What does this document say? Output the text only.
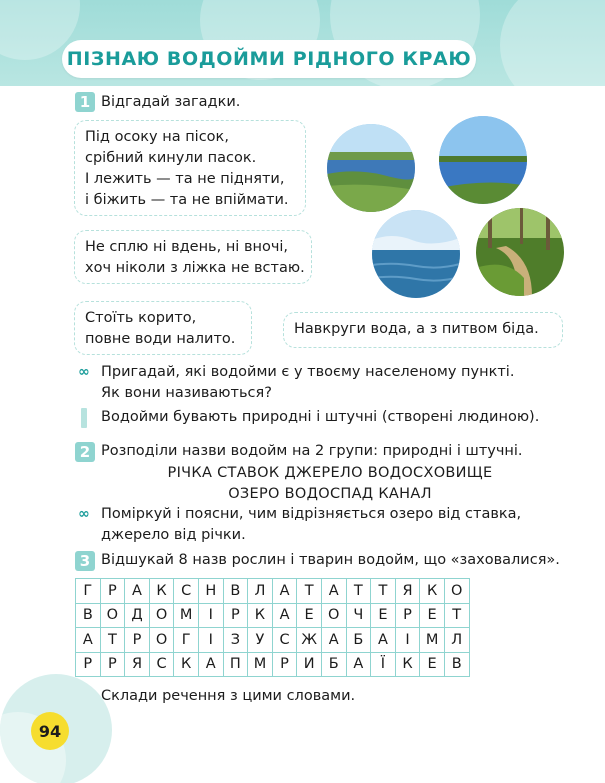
ПІЗНАЮ ВОДОЙМИ РІДНОГО КРАЮ
1 Відгадай загадки.
Під осоку на пісок,
срібний кинули пасок.
І лежить — та не підняти,
і біжить — та не впіймати.
Не сплю ні вдень, ні вночі,
хоч ніколи з ліжка не встаю.
Стоїть корито,
повне води налито.
Навкруги вода, а з питвом біда.
∞ Пригадай, які водойми є у твоєму населеному пункті.
Як вони називаються?
Водойми бувають природні і штучні (створені людиною).
2 Розподіли назви водойм на 2 групи: природні і штучні.
РІЧКА СТАВОК ДЖЕРЕЛО ВОДОСХОВИЩЕ
ОЗЕРО ВОДОСПАД КАНАЛ
∞ Поміркуй і поясни, чим відрізняється озеро від ставка,
джерело від річки.
3 Відшукай 8 назв рослин і тварин водойм, що «заховалися».
Г	Р	А	К	С	Н	В	Л	А	Т	А	Т	Т	Я	К	О
В	О	Д	О	М	І	Р	К	А	Е	О	Ч	Е	Р	Е	Т
А	Т	Р	О	Г	І	З	У	С	Ж	А	Б	А	І	М	Л
Р	Р	Я	С	К	А	П	М	Р	И	Б	А	Ї	К	Е	В
Склади речення з цими словами.
94
